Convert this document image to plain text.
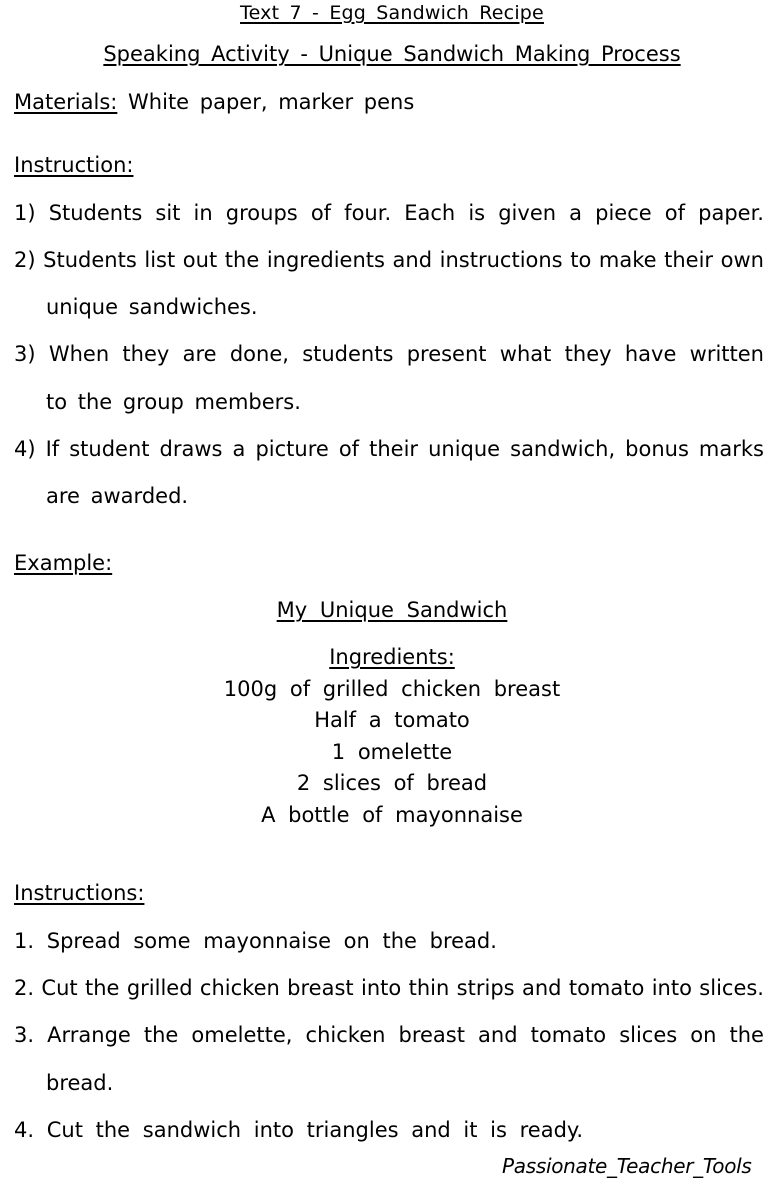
Text 7 - Egg Sandwich Recipe
Speaking Activity - Unique Sandwich Making Process
Materials: White paper, marker pens
Instruction:
1) Students sit in groups of four. Each is given a piece of paper.
2) Students list out the ingredients and instructions to make their own
unique sandwiches.
3) When they are done, students present what they have written
to the group members.
4) If student draws a picture of their unique sandwich, bonus marks
are awarded.
Example:
My Unique Sandwich
Ingredients:
100g of grilled chicken breast
Half a tomato
1 omelette
2 slices of bread
A bottle of mayonnaise
Instructions:
1. Spread some mayonnaise on the bread.
2. Cut the grilled chicken breast into thin strips and tomato into slices.
3. Arrange the omelette, chicken breast and tomato slices on the
bread.
4. Cut the sandwich into triangles and it is ready.
Passionate_Teacher_Tools
